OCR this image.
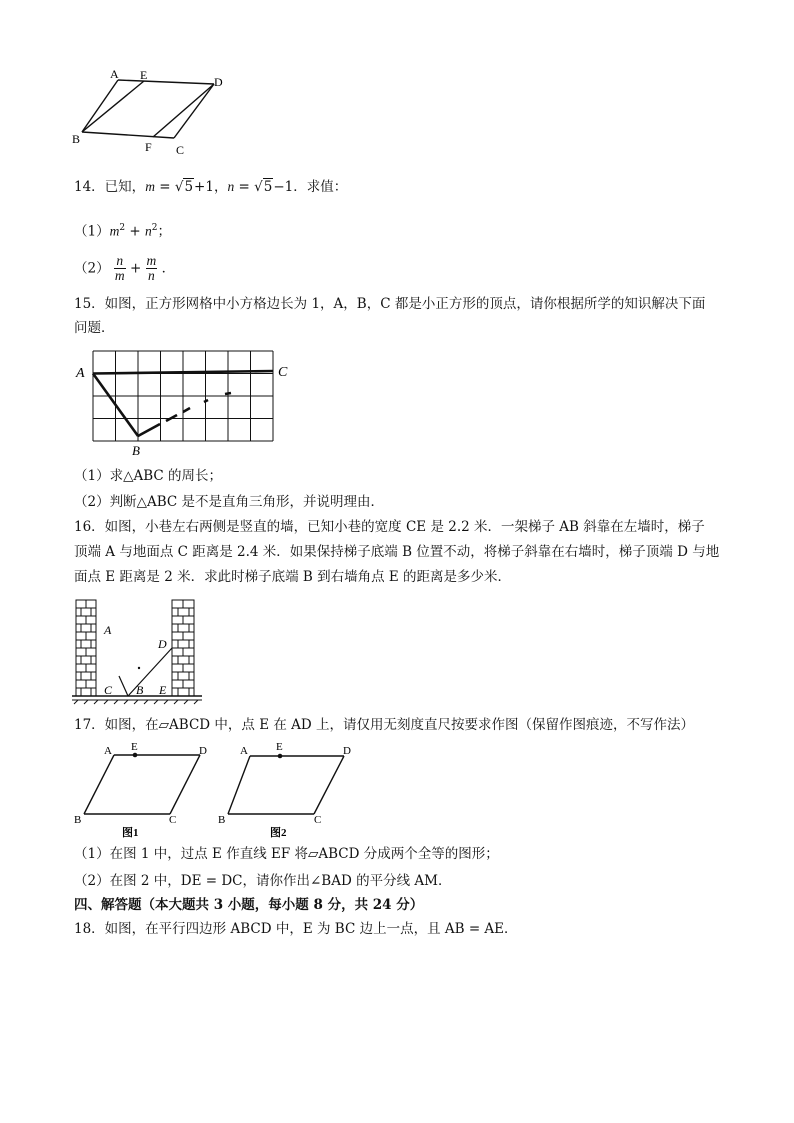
A E	D
B
F C
14．已知，m = √5+1，n = √5−1．求值：
$(1)m^2 + n^2$；
$(2) \frac{n}{m} + \frac{m}{n}$ ．
15．如图，正方形网格中小方格边长为 1，A，B，C 都是小正方形的顶点，请你根据所学的知识解决下面
问题．
A	C
B
（1）求△ABC 的周长；
（2）判断△ABC 是不是直角三角形，并说明理由．
16．如图，小巷左右两侧是竖直的墙，已知小巷的宽度 CE 是 2.2 米．一架梯子 AB 斜靠在左墙时，梯子
顶端 A 与地面点 C 距离是 2.4 米．如果保持梯子底端 B 位置不动，将梯子斜靠在右墙时，梯子顶端 D 与地
面点 E 距离是 2 米．求此时梯子底端 B 到右墙角点 E 的距离是多少米．
A
D
C B E
17．如图，在▱ABCD 中，点 E 在 AD 上，请仅用无刻度直尺按要求作图（保留作图痕迹，不写作法）
A E	D
B	C
图1
A	E	D
B	C
图2
（1）在图 1 中，过点 E 作直线 EF 将▱ABCD 分成两个全等的图形；
（2）在图 2 中，DE = DC，请你作出∠BAD 的平分线 AM．
四、解答题（本大题共 3 小题，每小题 8 分，共 24 分）
18．如图，在平行四边形 ABCD 中，E 为 BC 边上一点，且 AB = AE．
